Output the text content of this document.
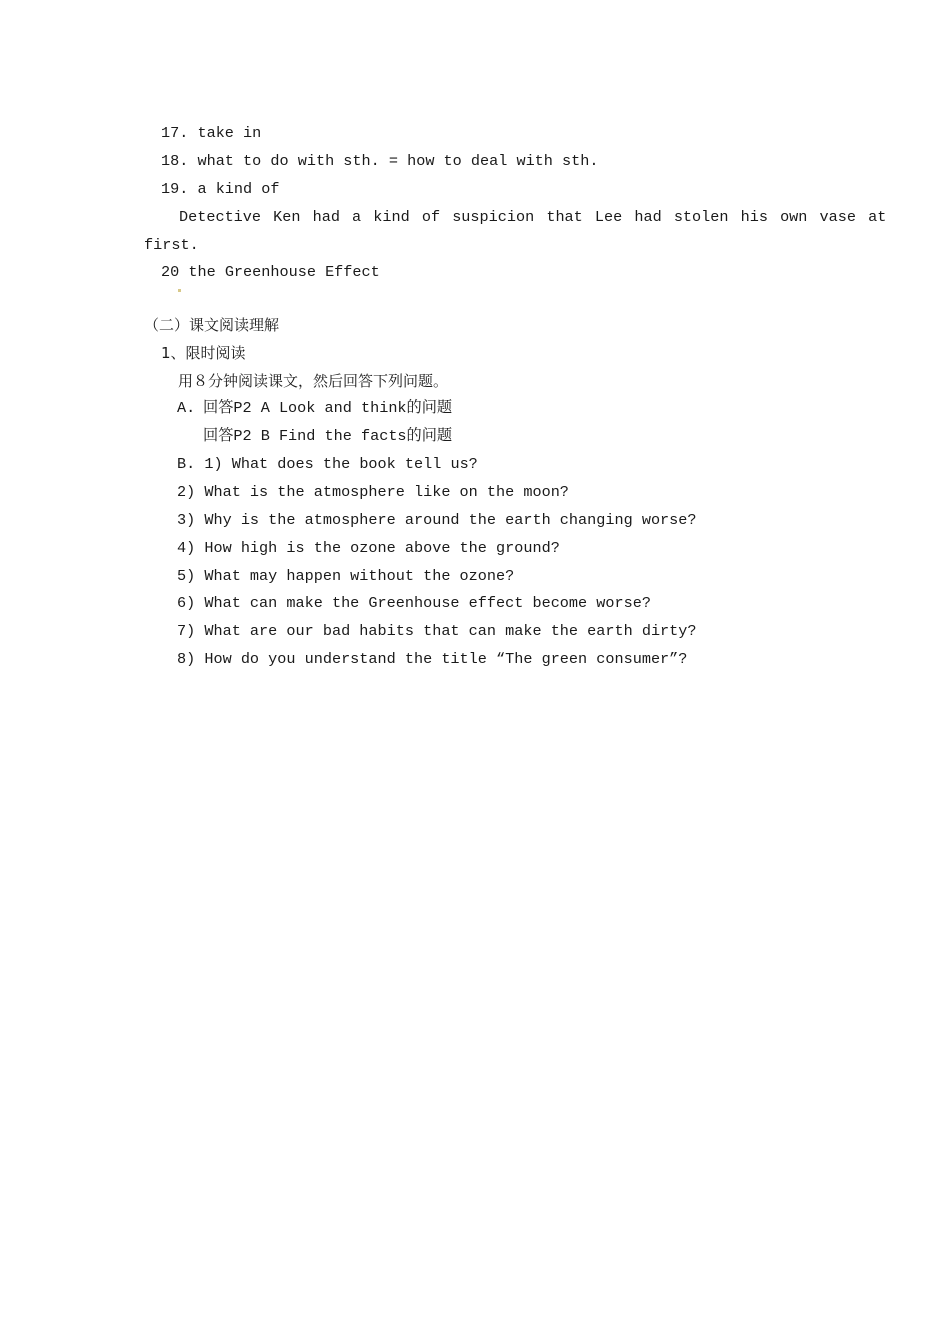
17. take in
18. what to do with sth. = how to deal with sth.
19. a kind of
Detective Ken had a kind of suspicion that Lee had stolen his own vase at
first.
20 the Greenhouse Effect
（二）课文阅读理解
1、限时阅读
用８分钟阅读课文，然后回答下列问题。
A. 回答P2 A Look and think的问题
回答P2 B Find the facts的问题
B. 1) What does the book tell us?
2) What is the atmosphere like on the moon?
3) Why is the atmosphere around the earth changing worse?
4) How high is the ozone above the ground?
5) What may happen without the ozone?
6) What can make the Greenhouse effect become worse?
7) What are our bad habits that can make the earth dirty?
8) How do you understand the title “The green consumer”?
